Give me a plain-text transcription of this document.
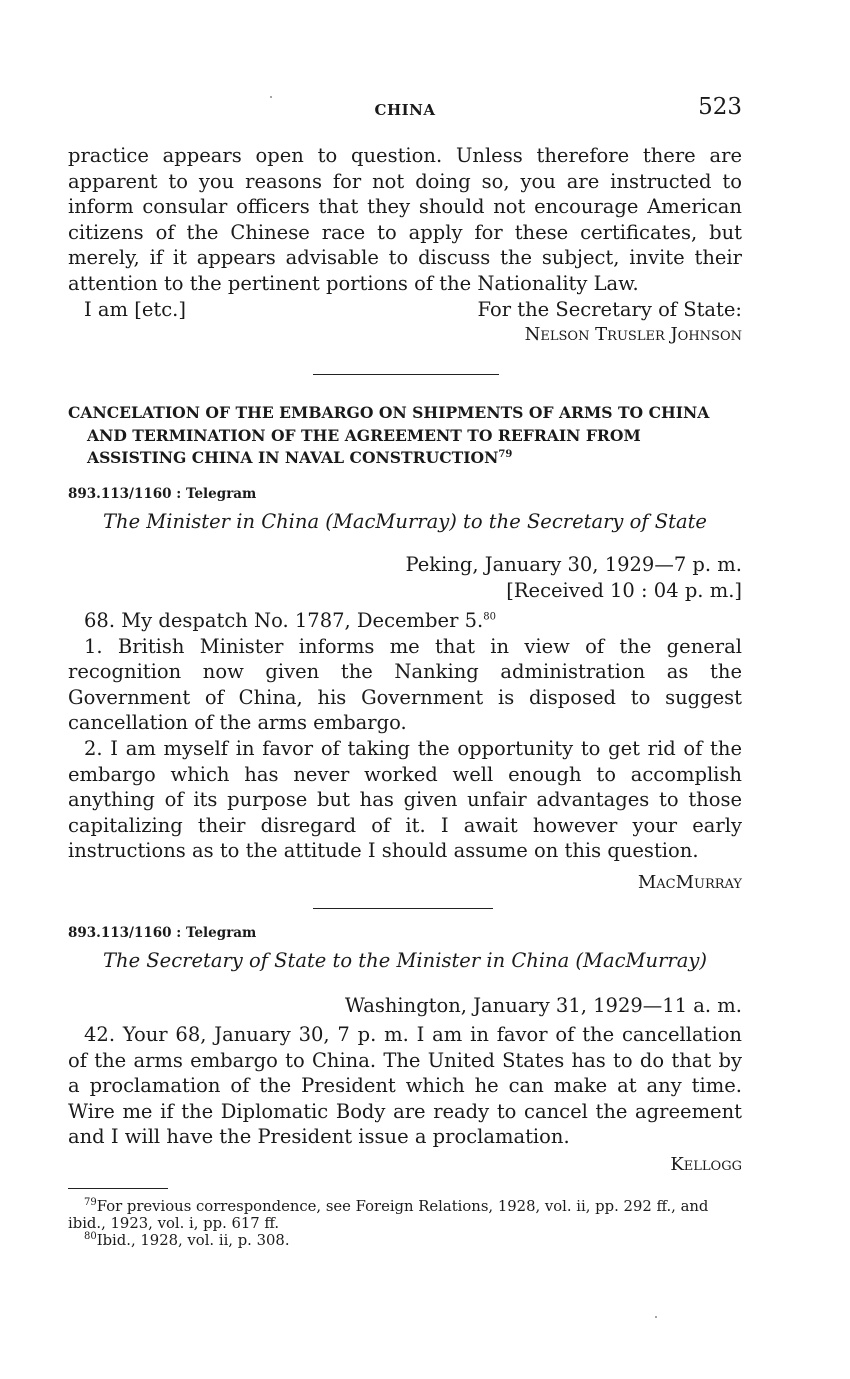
CHINA	523

practice appears open to question. Unless therefore there are apparent to you reasons for not doing so, you are instructed to inform consular officers that they should not encourage American citizens of the Chinese race to apply for these certificates, but merely, if it appears advisable to discuss the subject, invite their attention to the pertinent portions of the Nationality Law.

I am [etc.]	For the Secretary of State:
Nelson Trusler Johnson

CANCELATION OF THE EMBARGO ON SHIPMENTS OF ARMS TO CHINA AND TERMINATION OF THE AGREEMENT TO REFRAIN FROM ASSISTING CHINA IN NAVAL CONSTRUCTION$^{79}$

893.113/1160 : Telegram
The Minister in China (MacMurray) to the Secretary of State
Peking, January 30, 1929—7 p. m.
[Received 10 : 04 p. m.]

68. My despatch No. 1787, December 5.80

1. British Minister informs me that in view of the general recognition now given the Nanking administration as the Government of China, his Government is disposed to suggest cancellation of the arms embargo.

2. I am myself in favor of taking the opportunity to get rid of the embargo which has never worked well enough to accomplish anything of its purpose but has given unfair advantages to those capitalizing their disregard of it. I await however your early instructions as to the attitude I should assume on this question.

MacMurray
893.113/1160 : Telegram
The Secretary of State to the Minister in China (MacMurray)
Washington, January 31, 1929—11 a. m.

42. Your 68, January 30, 7 p. m. I am in favor of the cancellation of the arms embargo to China. The United States has to do that by a proclamation of the President which he can make at any time. Wire me if the Diplomatic Body are ready to cancel the agreement and I will have the President issue a proclamation.

Kellogg
$^{79}$For previous correspondence, see Foreign Relations, 1928, vol. ii, pp. 292 ff., and ibid., 1923, vol. i, pp. 617 ff.
$^{80}$Ibid., 1928, vol. ii, p. 308.
